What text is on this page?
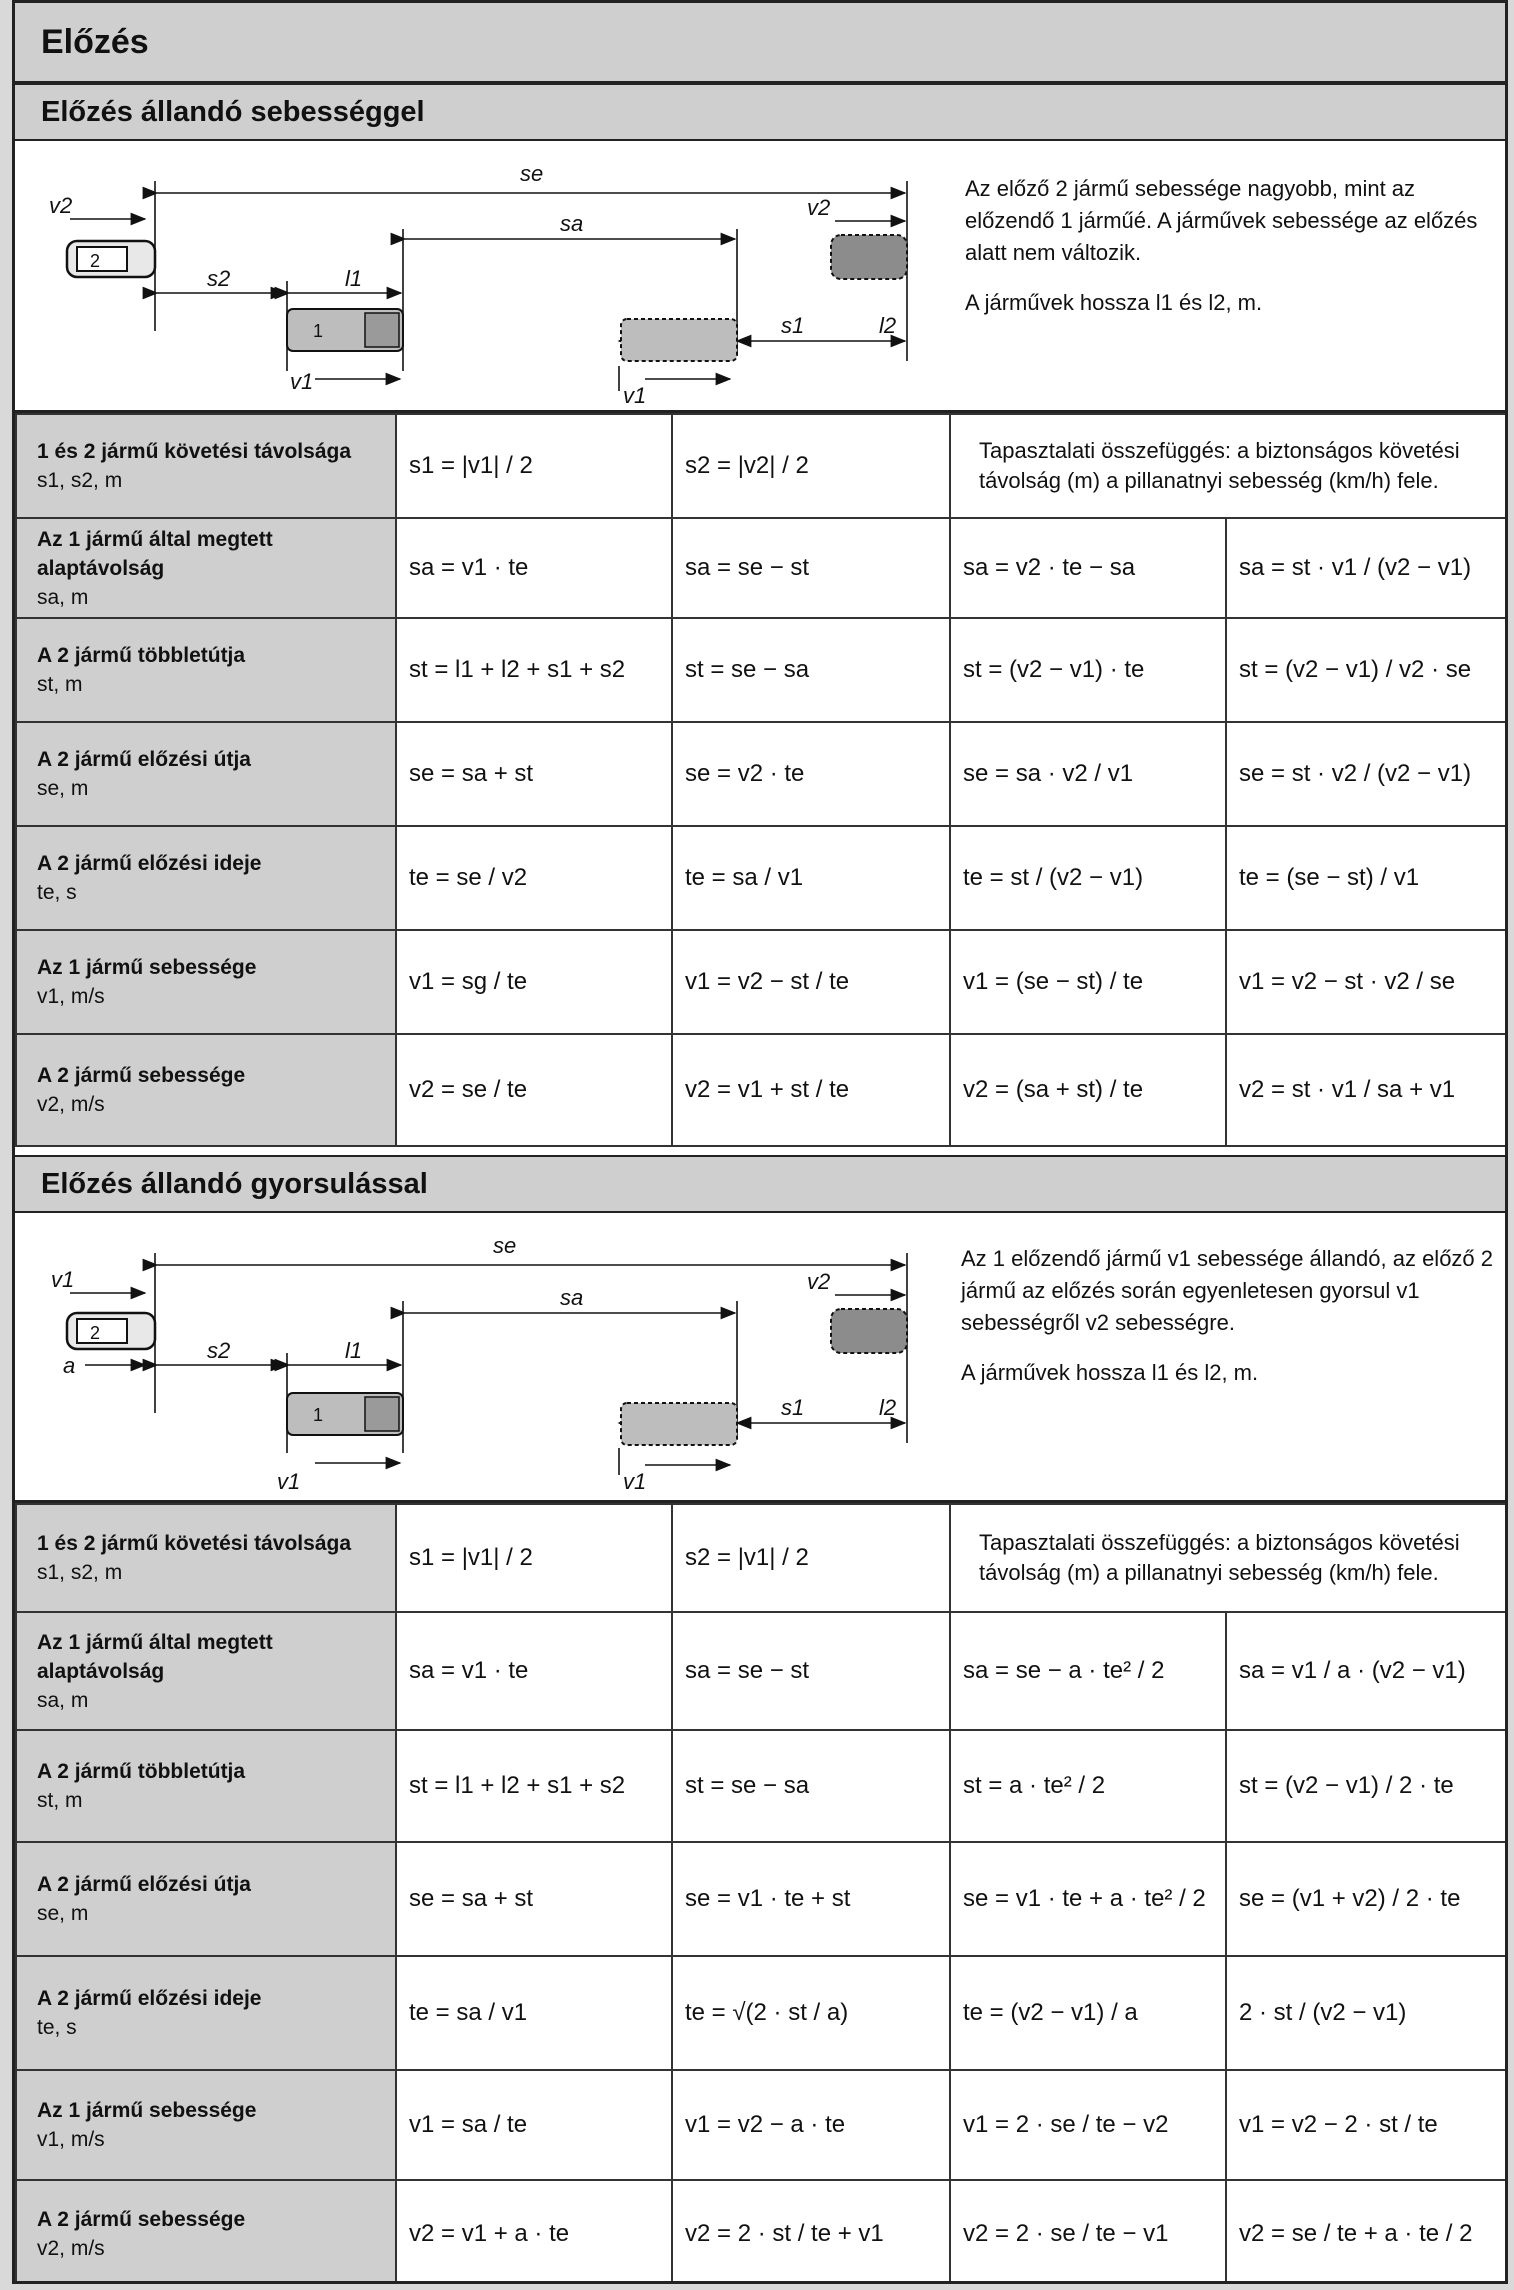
Előzés
Előzés állandó sebességgel
2
1
se
v2
s2	l1
sa
v2
s1	l2
v1
v1

Az előző 2 jármű sebessége nagyobb, mint az előzendő 1 járműé. A járművek sebessége az előzés alatt nem változik.

A járművek hossza l1 és l2, m.

1 és 2 jármű követési távolsága
s1, s2, m	s1 = |v1| / 2	s2 = |v2| / 2	Tapasztalati összefüggés: a biztonságos követési távolság (m) a pillanatnyi sebesség (km/h) fele.	
Az 1 jármű által megtett alaptávolság
sa, m	sa = v1 · te	sa = se − st	sa = v2 · te − sa	sa = st · v1 / (v2 − v1)
A 2 jármű többletútja
st, m	st = l1 + l2 + s1 + s2	st = se − sa	st = (v2 − v1) · te	st = (v2 − v1) / v2 · se
A 2 jármű előzési útja
se, m	se = sa + st	se = v2 · te	se = sa · v2 / v1	se = st · v2 / (v2 − v1)
A 2 jármű előzési ideje
te, s	te = se / v2	te = sa / v1	te = st / (v2 − v1)	te = (se − st) / v1
Az 1 jármű sebessége
v1, m/s	v1 = sg / te	v1 = v2 − st / te	v1 = (se − st) / te	v1 = v2 − st · v2 / se
A 2 jármű sebessége
v2, m/s	v2 = se / te	v2 = v1 + st / te	v2 = (sa + st) / te	v2 = st · v1 / sa + v1
Előzés állandó gyorsulással
2
1
se
v1
a
s2	l1
sa
v2
s1	l2
v1	v1

Az 1 előzendő jármű v1 sebessége állandó, az előző 2 jármű az előzés során egyenletesen gyorsul v1 sebességről v2 sebességre.

A járművek hossza l1 és l2, m.

1 és 2 jármű követési távolsága
s1, s2, m	s1 = |v1| / 2	s2 = |v1| / 2	Tapasztalati összefüggés: a biztonságos követési távolság (m) a pillanatnyi sebesség (km/h) fele.	
Az 1 jármű által megtett alaptávolság
sa, m	sa = v1 · te	sa = se − st	sa = se − a · te² / 2	sa = v1 / a · (v2 − v1)
A 2 jármű többletútja
st, m	st = l1 + l2 + s1 + s2	st = se − sa	st = a · te² / 2	st = (v2 − v1) / 2 · te
A 2 jármű előzési útja
se, m	se = sa + st	se = v1 · te + st	se = v1 · te + a · te² / 2	se = (v1 + v2) / 2 · te
A 2 jármű előzési ideje
te, s	te = sa / v1	te = √(2 · st / a)	te = (v2 − v1) / a	2 · st / (v2 − v1)
Az 1 jármű sebessége
v1, m/s	v1 = sa / te	v1 = v2 − a · te	v1 = 2 · se / te − v2	v1 = v2 − 2 · st / te
A 2 jármű sebessége
v2, m/s	v2 = v1 + a · te	v2 = 2 · st / te + v1	v2 = 2 · se / te − v1	v2 = se / te + a · te / 2
